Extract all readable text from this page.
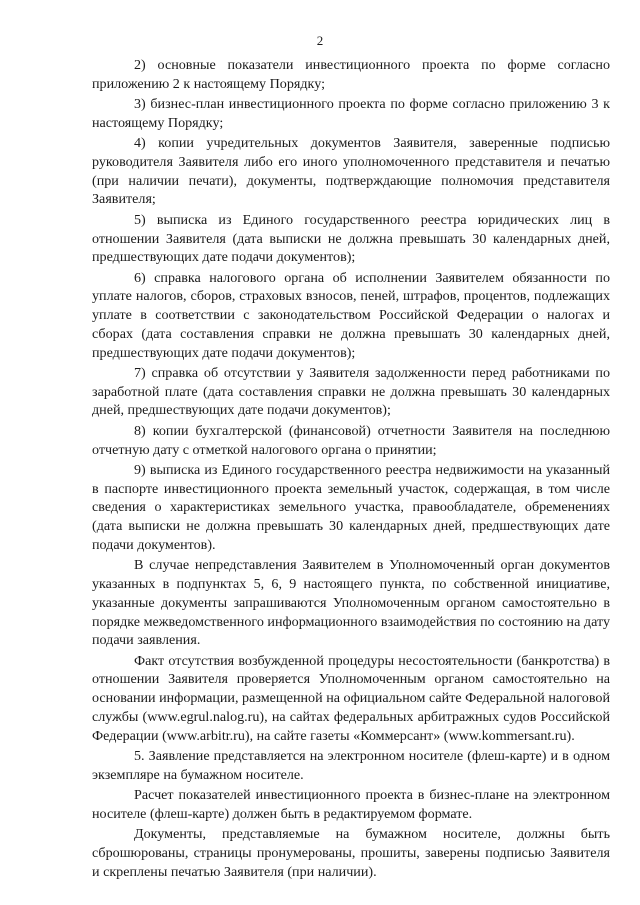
2

2) основные показатели инвестиционного проекта по форме согласно приложению 2 к настоящему Порядку;

3) бизнес-план инвестиционного проекта по форме согласно приложению 3 к настоящему Порядку;

4) копии учредительных документов Заявителя, заверенные подписью руководителя Заявителя либо его иного уполномоченного представителя и печатью (при наличии печати), документы, подтверждающие полномочия представителя Заявителя;

5) выписка из Единого государственного реестра юридических лиц в отношении Заявителя (дата выписки не должна превышать 30 календарных дней, предшествующих дате подачи документов);

6) справка налогового органа об исполнении Заявителем обязанности по уплате налогов, сборов, страховых взносов, пеней, штрафов, процентов, подлежащих уплате в соответствии с законодательством Российской Федерации о налогах и сборах (дата составления справки не должна превышать 30 календарных дней, предшествующих дате подачи документов);

7) справка об отсутствии у Заявителя задолженности перед работниками по заработной плате (дата составления справки не должна превышать 30 календарных дней, предшествующих дате подачи документов);

8) копии бухгалтерской (финансовой) отчетности Заявителя на последнюю отчетную дату с отметкой налогового органа о принятии;

9) выписка из Единого государственного реестра недвижимости на указанный в паспорте инвестиционного проекта земельный участок, содержащая, в том числе сведения о характеристиках земельного участка, правообладателе, обременениях (дата выписки не должна превышать 30 календарных дней, предшествующих дате подачи документов).

В случае непредставления Заявителем в Уполномоченный орган документов указанных в подпунктах 5, 6, 9 настоящего пункта, по собственной инициативе, указанные документы запрашиваются Уполномоченным органом самостоятельно в порядке межведомственного информационного взаимодействия по состоянию на дату подачи заявления.

Факт отсутствия возбужденной процедуры несостоятельности (банкротства) в отношении Заявителя проверяется Уполномоченным органом самостоятельно на основании информации, размещенной на официальном сайте Федеральной налоговой службы (www.egrul.nalog.ru), на сайтах федеральных арбитражных судов Российской Федерации (www.arbitr.ru), на сайте газеты «Коммерсант» (www.kommersant.ru).

5. Заявление представляется на электронном носителе (флеш-карте) и в одном экземпляре на бумажном носителе.

Расчет показателей инвестиционного проекта в бизнес-плане на электронном носителе (флеш-карте) должен быть в редактируемом формате.

Документы, представляемые на бумажном носителе, должны быть сброшюрованы, страницы пронумерованы, прошиты, заверены подписью Заявителя и скреплены печатью Заявителя (при наличии).
